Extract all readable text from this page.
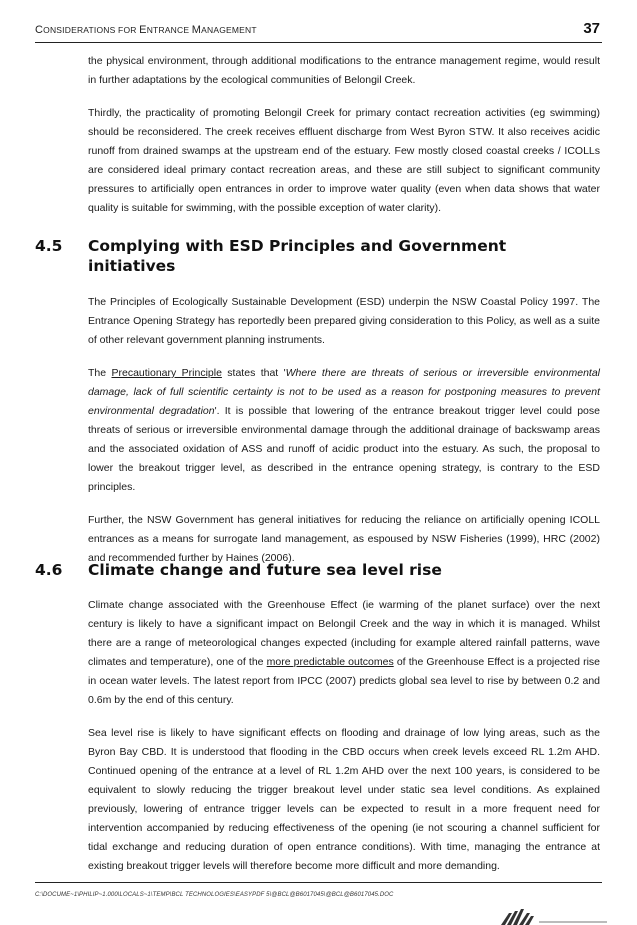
CONSIDERATIONS FOR ENTRANCE MANAGEMENT	37

the physical environment, through additional modifications to the entrance management regime, would result in further adaptations by the ecological communities of Belongil Creek.

Thirdly, the practicality of promoting Belongil Creek for primary contact recreation activities (eg swimming) should be reconsidered. The creek receives effluent discharge from West Byron STW. It also receives acidic runoff from drained swamps at the upstream end of the estuary. Few mostly closed coastal creeks / ICOLLs are considered ideal primary contact recreation areas, and these are still subject to significant community pressures to artificially open entrances in order to improve water quality (even when data shows that water quality is suitable for swimming, with the possible exception of water clarity).

4.5 Complying with ESD Principles and Government initiatives

The Principles of Ecologically Sustainable Development (ESD) underpin the NSW Coastal Policy 1997. The Entrance Opening Strategy has reportedly been prepared giving consideration to this Policy, as well as a suite of other relevant government planning instruments.

The Precautionary Principle states that 'Where there are threats of serious or irreversible environmental damage, lack of full scientific certainty is not to be used as a reason for postponing measures to prevent environmental degradation'. It is possible that lowering of the entrance breakout trigger level could pose threats of serious or irreversible environmental damage through the additional drainage of backswamp areas and the associated oxidation of ASS and runoff of acidic product into the estuary. As such, the proposal to lower the breakout trigger level, as described in the entrance opening strategy, is contrary to the ESD principles.

Further, the NSW Government has general initiatives for reducing the reliance on artificially opening ICOLL entrances as a means for surrogate land management, as espoused by NSW Fisheries (1999), HRC (2002) and recommended further by Haines (2006).

4.6 Climate change and future sea level rise

Climate change associated with the Greenhouse Effect (ie warming of the planet surface) over the next century is likely to have a significant impact on Belongil Creek and the way in which it is managed. Whilst there are a range of meteorological changes expected (including for example altered rainfall patterns, wave climates and temperature), one of the more predictable outcomes of the Greenhouse Effect is a projected rise in ocean water levels. The latest report from IPCC (2007) predicts global sea level to rise by between 0.2 and 0.6m by the end of this century.

Sea level rise is likely to have significant effects on flooding and drainage of low lying areas, such as the Byron Bay CBD. It is understood that flooding in the CBD occurs when creek levels exceed RL 1.2m AHD. Continued opening of the entrance at a level of RL 1.2m AHD over the next 100 years, is considered to be equivalent to slowly reducing the trigger breakout level under static sea level conditions. As explained previously, lowering of entrance trigger levels can be expected to result in a more frequent need for intervention accompanied by reducing effectiveness of the opening (ie not scouring a channel sufficient for tidal exchange and reducing duration of open entrance conditions). With time, managing the entrance at existing breakout trigger levels will therefore become more difficult and more demanding.

C:\DOCUME~1\PHILIP~1.000\LOCALS~1\TEMP\BCL TECHNOLOGIES\EASYPDF 5\@BCL@B6017045\@BCL@B6017045.DOC
